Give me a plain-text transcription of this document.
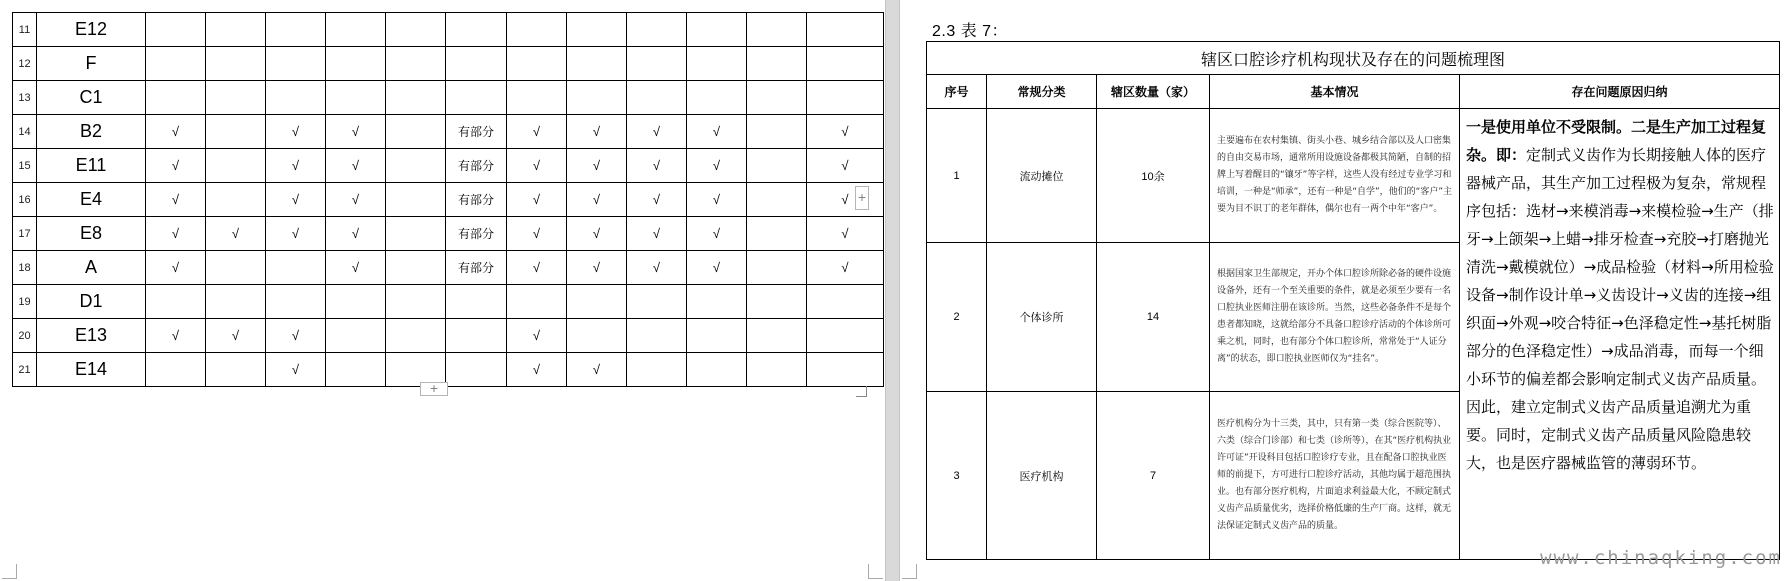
11	E12												
12	F												
13	C1												
14	B2	√		√	√		有部分	√	√	√	√		√
15	E11	√		√	√		有部分	√	√	√	√		√
16	E4	√		√	√		有部分	√	√	√	√		√
17	E8	√	√	√	√		有部分	√	√	√	√		√
18	A	√			√		有部分	√	√	√	√		√
19	D1												
20	E13	√	√	√				√					
21	E14			√				√	√				
+
+
2.3 表 7：
辖区口腔诊疗机构现状及存在的问题梳理图				
序号	常规分类	辖区数量（家）	基本情况	存在问题原因归纳
1	流动摊位	10余	主要遍布在农村集镇、街头小巷、城乡结合部以及人口密集的自由交易市场，通常所用设施设备都极其简陋，自制的招牌上写着醒目的“镶牙”等字样，这些人没有经过专业学习和培训，一种是“师承”，还有一种是“自学”，他们的“客户”主要为目不识丁的老年群体，偶尔也有一两个中年“客户”。	一是使用单位不受限制。二是生产加工过程复杂。即：定制式义齿作为长期接触人体的医疗器械产品，其生产加工过程极为复杂，常规程序包括：选材→来模消毒→来模检验→生产（排牙→上颌架→上蜡→排牙检查→充胶→打磨抛光清洗→戴模就位）→成品检验（材料→所用检验设备→制作设计单→义齿设计→义齿的连接→组织面→外观→咬合特征→色泽稳定性→基托树脂部分的色泽稳定性）→成品消毒，而每一个细小环节的偏差都会影响定制式义齿产品质量。因此，建立定制式义齿产品质量追溯尤为重要。同时，定制式义齿产品质量风险隐患较大，也是医疗器械监管的薄弱环节。
2	个体诊所	14	根据国家卫生部规定，开办个体口腔诊所除必备的硬件设施设备外，还有一个至关重要的条件，就是必须至少要有一名口腔执业医师注册在该诊所。当然，这些必备条件不是每个患者都知晓，这就给部分不具备口腔诊疗活动的个体诊所可乘之机，同时，也有部分个体口腔诊所，常常处于“人证分离”的状态，即口腔执业医师仅为“挂名”。	
3	医疗机构	7	医疗机构分为十三类，其中，只有第一类（综合医院等）、六类（综合门诊部）和七类（诊所等），在其“医疗机构执业许可证”开设科目包括口腔诊疗专业，且在配备口腔执业医师的前提下，方可进行口腔诊疗活动，其他均属于超范围执业。也有部分医疗机构，片面追求利益最大化，不顾定制式义齿产品质量优劣，选择价格低廉的生产厂商。这样，就无法保证定制式义齿产品的质量。	
www.chinaqking.com
